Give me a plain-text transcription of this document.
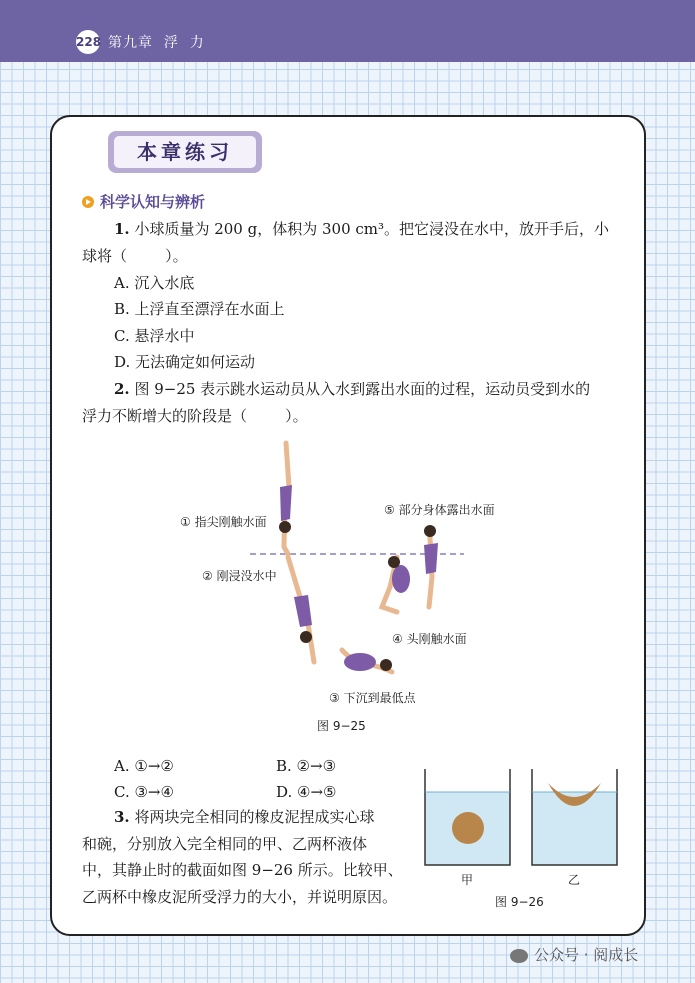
228 第九章  浮  力
本章练习
科学认知与辨析
1. 小球质量为 200 g，体积为 300 cm³。把它浸没在水中，放开手后，小
球将（        ）。
A. 沉入水底
B. 上浮直至漂浮在水面上
C. 悬浮水中
D. 无法确定如何运动
2. 图 9−25 表示跳水运动员从入水到露出水面的过程，运动员受到水的
浮力不断增大的阶段是（        ）。
① 指尖刚触水面
② 刚浸没水中
③ 下沉到最低点
④ 头刚触水面
⑤ 部分身体露出水面
图 9−25
A. ①→②	B. ②→③
C. ③→④	D. ④→⑤
3. 将两块完全相同的橡皮泥捏成实心球
和碗，分别放入完全相同的甲、乙两杯液体
中，其静止时的截面如图 9−26 所示。比较甲、
乙两杯中橡皮泥所受浮力的大小，并说明原因。
甲	乙
图 9−26
公众号 · 阅成长
